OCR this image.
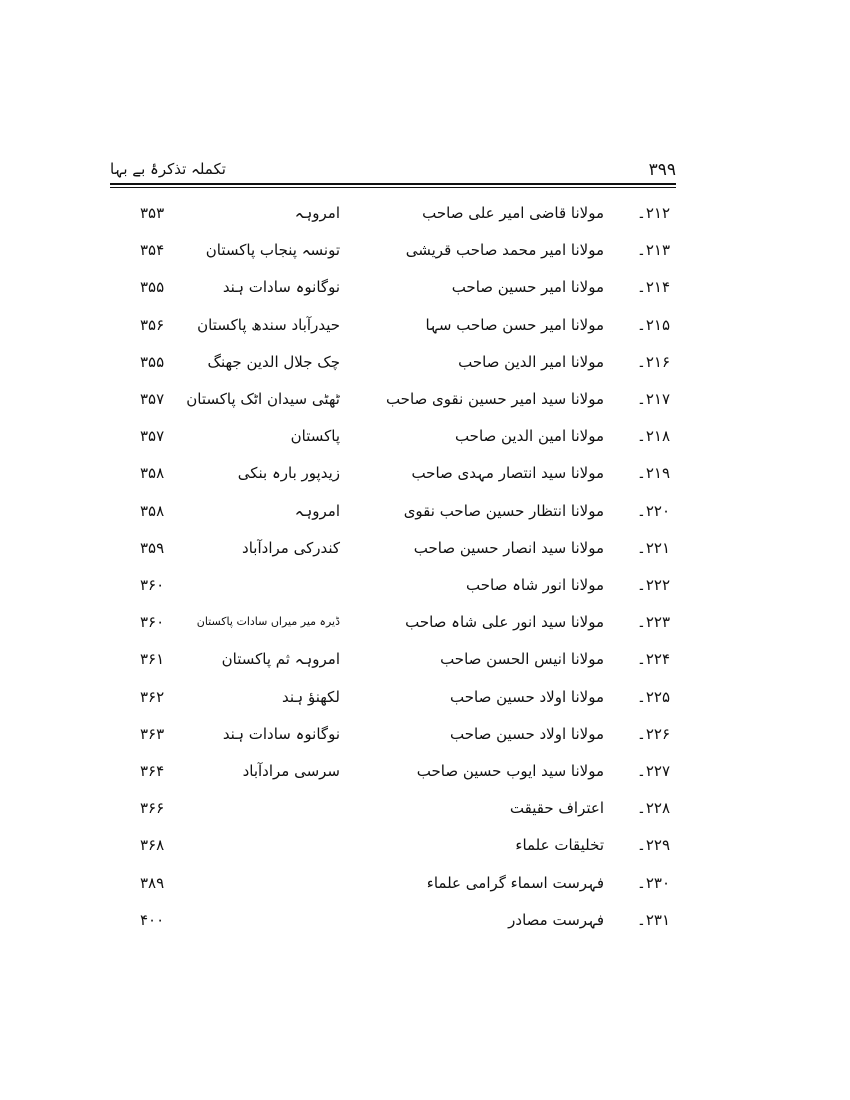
۳۹۹
تکملہ تذکرۂ بے بہا
۲۱۲۔
مولانا قاضی امیر علی صاحب
امروہہ
۳۵۳
۲۱۳۔
مولانا امیر محمد صاحب قریشی
تونسہ پنجاب پاکستان
۳۵۴
۲۱۴۔
مولانا امیر حسین صاحب
نوگانوہ سادات ہند
۳۵۵
۲۱۵۔
مولانا امیر حسن صاحب سہا
حیدرآباد سندھ پاکستان
۳۵۶
۲۱۶۔
مولانا امیر الدین صاحب
چک جلال الدین جھنگ
۳۵۵
۲۱۷۔
مولانا سید امیر حسین نقوی صاحب
ٹھٹی سیدان اٹک پاکستان
۳۵۷
۲۱۸۔
مولانا امین الدین صاحب
پاکستان
۳۵۷
۲۱۹۔
مولانا سید انتصار مہدی صاحب
زیدپور بارہ بنکی
۳۵۸
۲۲۰۔
مولانا انتظار حسین صاحب نقوی
امروہہ
۳۵۸
۲۲۱۔
مولانا سید انصار حسین صاحب
کندرکی مرادآباد
۳۵۹
۲۲۲۔
مولانا انور شاہ صاحب
۳۶۰
۲۲۳۔
مولانا سید انور علی شاہ صاحب
ڈیرہ میر میراں سادات پاکستان
۳۶۰
۲۲۴۔
مولانا انیس الحسن صاحب
امروہہ ثم پاکستان
۳۶۱
۲۲۵۔
مولانا اولاد حسین صاحب
لکھنؤ ہند
۳۶۲
۲۲۶۔
مولانا اولاد حسین صاحب
نوگانوہ سادات ہند
۳۶۳
۲۲۷۔
مولانا سید ایوب حسین صاحب
سرسی مرادآباد
۳۶۴
۲۲۸۔
اعتراف حقیقت
۳۶۶
۲۲۹۔
تخلیقات علماء
۳۶۸
۲۳۰۔
فہرست اسماء گرامی علماء
۳۸۹
۲۳۱۔
فہرست مصادر
۴۰۰
